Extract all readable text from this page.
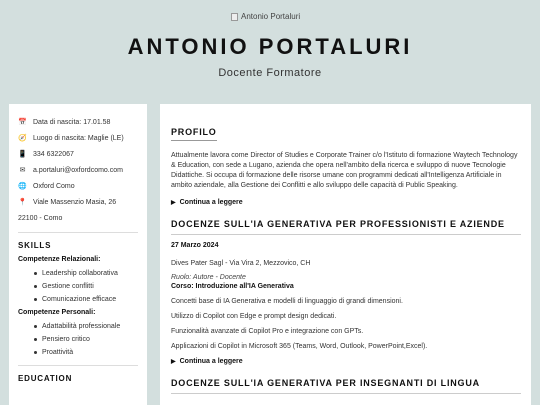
Antonio Portaluri
ANTONIO PORTALURI
Docente Formatore
📅 Data di nascita: 17.01.58
🧭 Luogo di nascita: Maglie (LE)
📱 334 6322067
✉ a.portaluri@oxfordcomo.com
🌐 Oxford Como
📍 Viale Massenzio Masia, 26
22100 - Como
SKILLS
Competenze Relazionali:
Leadership collaborativa
Gestione conflitti
Comunicazione efficace
Competenze Personali:
Adattabilità professionale
Pensiero critico
Proattività
EDUCATION
PROFILO
Attualmente lavora come Director of Studies e Corporate Trainer c/o l'Istituto di formazione Waytech Technology & Education, con sede a Lugano, azienda che opera nell'ambito della ricerca e sviluppo di nuove Tecnologie Didattiche. Si occupa di formazione delle risorse umane con programmi dedicati all'Intelligenza Artificiale in ambito aziendale, alla Gestione dei Conflitti e allo sviluppo delle capacità di Public Speaking.
▶ Continua a leggere
DOCENZE SULL'IA GENERATIVA PER PROFESSIONISTI E AZIENDE
27 Marzo 2024
Dives Pater Sagl - Via Vira 2, Mezzovico, CH
Ruolo: Autore - Docente
Corso: Introduzione all'IA Generativa
Concetti base di IA Generativa e modelli di linguaggio di grandi dimensioni.
Utilizzo di Copilot con Edge e prompt design dedicati.
Funzionalità avanzate di Copilot Pro e integrazione con GPTs.
Applicazioni di Copilot in Microsoft 365 (Teams, Word, Outlook, PowerPoint,Excel).
▶ Continua a leggere
DOCENZE SULL'IA GENERATIVA PER INSEGNANTI DI LINGUA
